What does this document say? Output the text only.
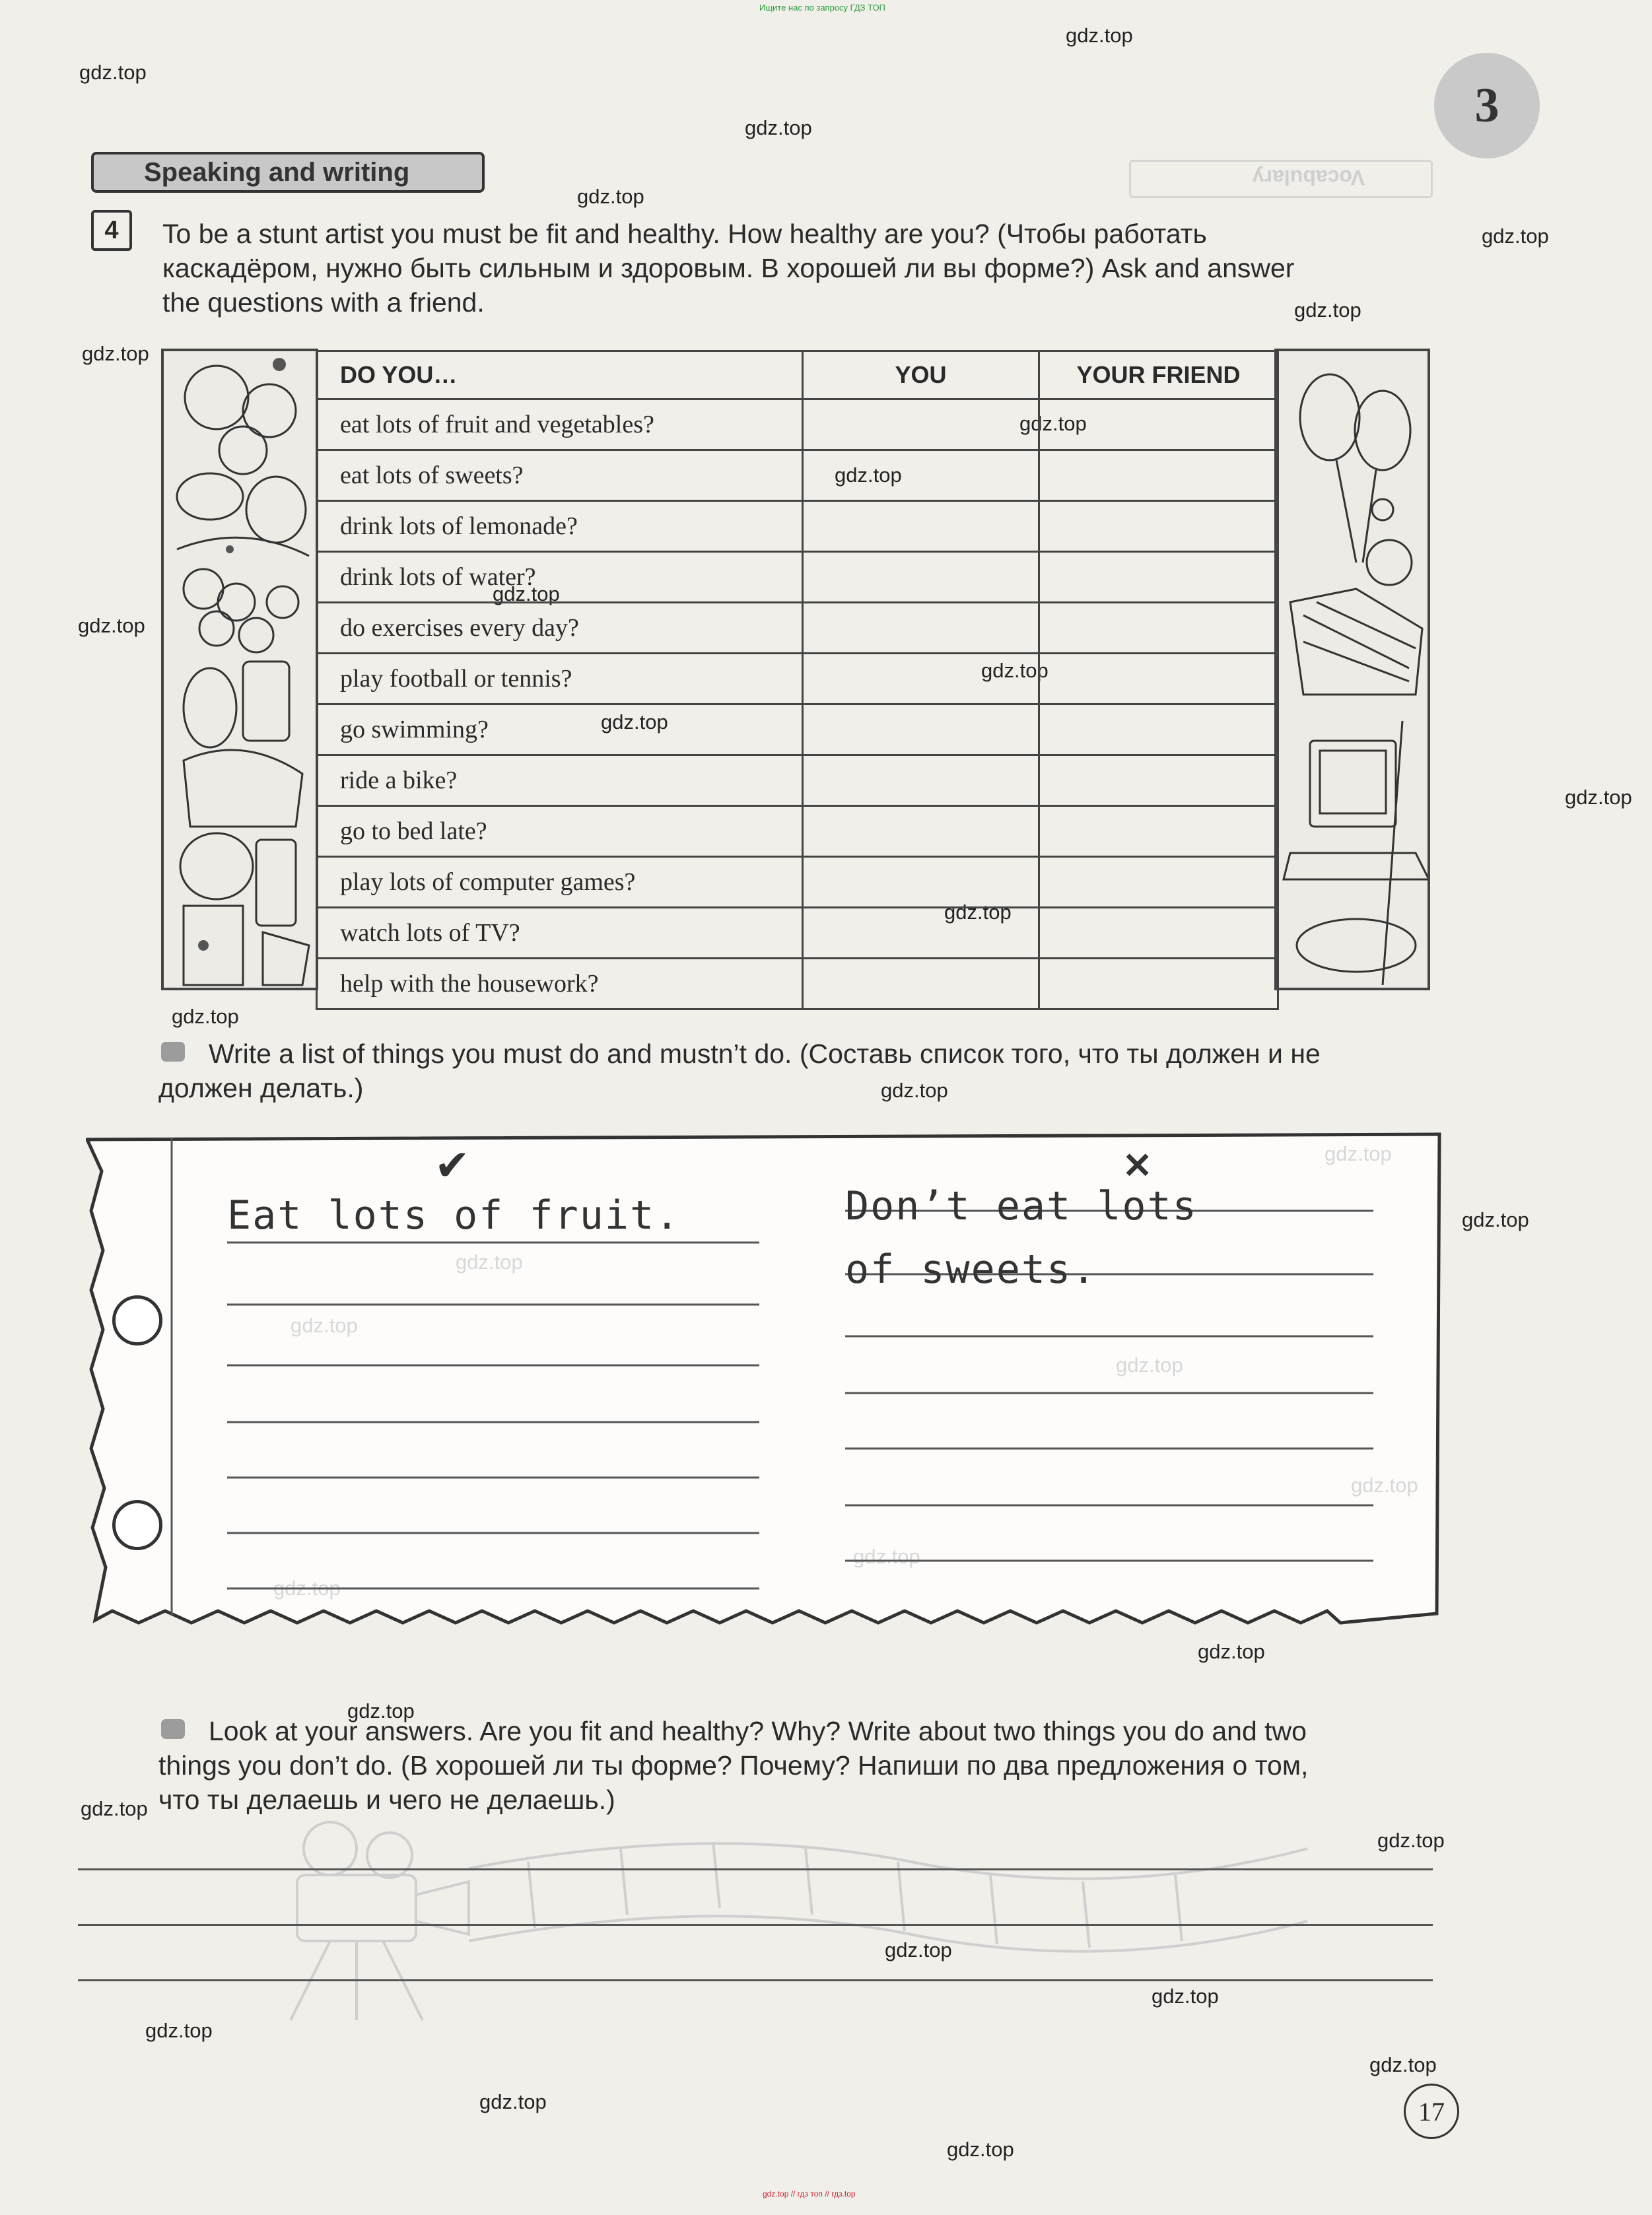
Ищите нас по запросу ГДЗ ТОП
gdz.top // гдз топ // гдз.top
gdz.top
gdz.top
gdz.top
gdz.top
gdz.top
gdz.top
gdz.top
gdz.top
gdz.top
gdz.top
gdz.top
gdz.top
gdz.top
gdz.top
gdz.top
gdz.top
gdz.top
gdz.top
gdz.top
gdz.top
gdz.top
gdz.top
gdz.top
gdz.top
gdz.top
gdz.top
gdz.top
gdz.top
3
Vocabulary
Speaking and writing
4	To be a stunt artist you must be fit and healthy. How healthy are you? (Чтобы работать
каскадёром, нужно быть сильным и здоровым. В хорошей ли вы форме?) Ask and answer
the questions with a friend.
DO YOU…	YOU	YOUR FRIEND
eat lots of fruit and vegetables?		
eat lots of sweets?		
drink lots of lemonade?		
drink lots of water?		
do exercises every day?		
play football or tennis?		
go swimming?		
ride a bike?		
go to bed late?		
play lots of computer games?		
watch lots of TV?		
help with the housework?		
Write a list of things you must do and mustn’t do. (Составь список того, что ты должен и не
должен делать.)
✔	✕
Eat lots of fruit.	Don’t eat lots
of sweets.
Look at your answers. Are you fit and healthy? Why? Write about two things you do and two
things you don’t do. (В хорошей ли ты форме? Почему? Напиши по два предложения о том,
что ты делаешь и чего не делаешь.)
17
